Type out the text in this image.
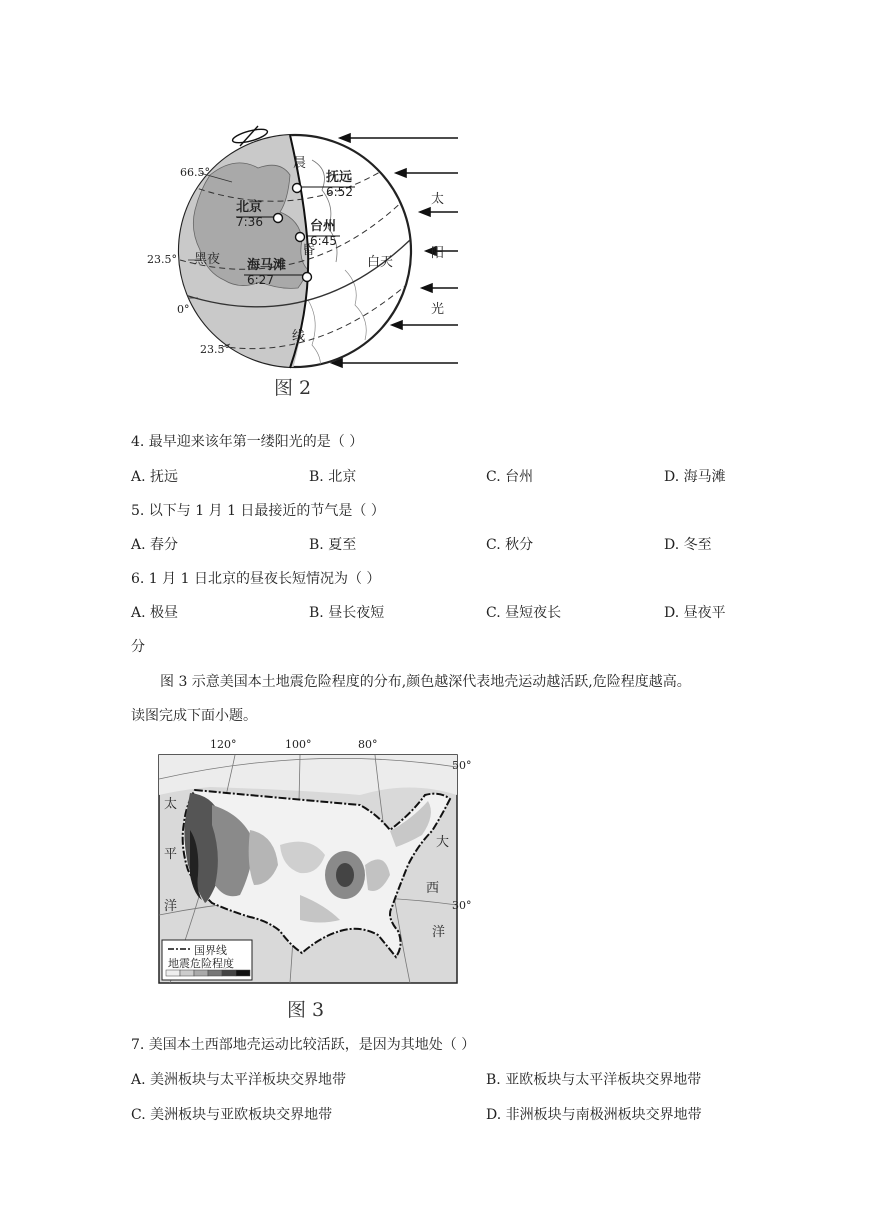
66.5°
23.5°
0°
23.5°
抚远
6:52
北京
7:36	台州
6:45
海马滩
6:27
晨
昏
线
黑夜	白天
太
阳
光
图 2
4. 最早迎来该年第一缕阳光的是（ ）
A. 抚远	B. 北京	C. 台州	D. 海马滩
5. 以下与 1 月 1 日最接近的节气是（ ）
A. 春分	B. 夏至	C. 秋分	D. 冬至
6. 1 月 1 日北京的昼夜长短情况为（ ）
A. 极昼	B. 昼长夜短	C. 昼短夜长	D. 昼夜平
分
图 3 示意美国本土地震危险程度的分布,颜色越深代表地壳运动越活跃,危险程度越高。
读图完成下面小题。
120°	100°	80°
50°
30°
太
平
洋
大
西
洋
国界线
地震危险程度
图 3
7. 美国本土西部地壳运动比较活跃，是因为其地处（ ）
A. 美洲板块与太平洋板块交界地带	B. 亚欧板块与太平洋板块交界地带
C. 美洲板块与亚欧板块交界地带	D. 非洲板块与南极洲板块交界地带
